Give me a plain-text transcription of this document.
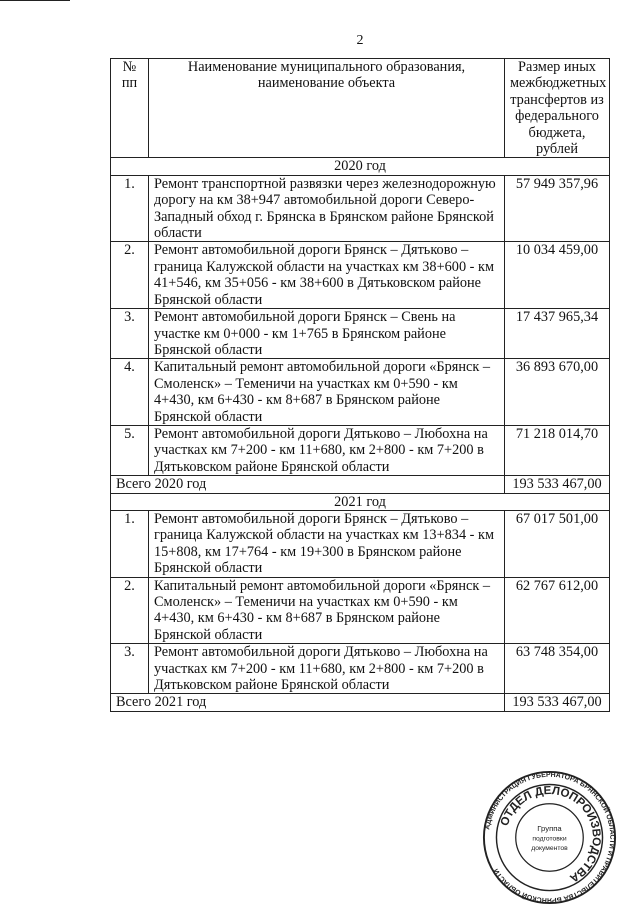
2
№ пп	Наименование муниципального образования, наименование объекта	Размер иных межбюджетных трансфертов из федерального бюджета, рублей
2020 год		
1.	Ремонт транспортной развязки через железнодорожную дорогу на км 38+947 автомобильной дороги Северо-Западный обход г. Брянска в Брянском районе Брянской области	57 949 357,96
2.	Ремонт автомобильной дороги Брянск – Дятьково – граница Калужской области на участках км 38+600 - км 41+546, км 35+056 - км 38+600 в Дятьковском районе Брянской области	10 034 459,00
3.	Ремонт автомобильной дороги Брянск – Свень на участке км 0+000 - км 1+765 в Брянском районе Брянской области	17 437 965,34
4.	Капитальный ремонт автомобильной дороги «Брянск – Смоленск» – Теменичи на участках км 0+590 - км 4+430, км 6+430 - км 8+687 в Брянском районе Брянской области	36 893 670,00
5.	Ремонт автомобильной дороги Дятьково – Любохна на участках км 7+200 - км 11+680, км 2+800 - км 7+200 в Дятьковском районе Брянской области	71 218 014,70
Всего 2020 год		193 533 467,00
2021 год		
1.	Ремонт автомобильной дороги Брянск – Дятьково – граница Калужской области на участках км 13+834 - км 15+808, км 17+764 - км 19+300 в Брянском районе Брянской области	67 017 501,00
2.	Капитальный ремонт автомобильной дороги «Брянск – Смоленск» – Теменичи на участках км 0+590 - км 4+430, км 6+430 - км 8+687 в Брянском районе Брянской области	62 767 612,00
3.	Ремонт автомобильной дороги Дятьково – Любохна на участках км 7+200 - км 11+680, км 2+800 - км 7+200 в Дятьковском районе Брянской области	63 748 354,00
Всего 2021 год		193 533 467,00
АДМИНИСТРАЦИЯ ГУБЕРНАТОРА БРЯНСКОЙ ОБЛАСТИ И ПРАВИТЕЛЬСТВА БРЯНСКОЙ ОБЛАСТИ
ОТДЕЛ ДЕЛОПРОИЗВОДСТВА
Группа
подготовки
документов
